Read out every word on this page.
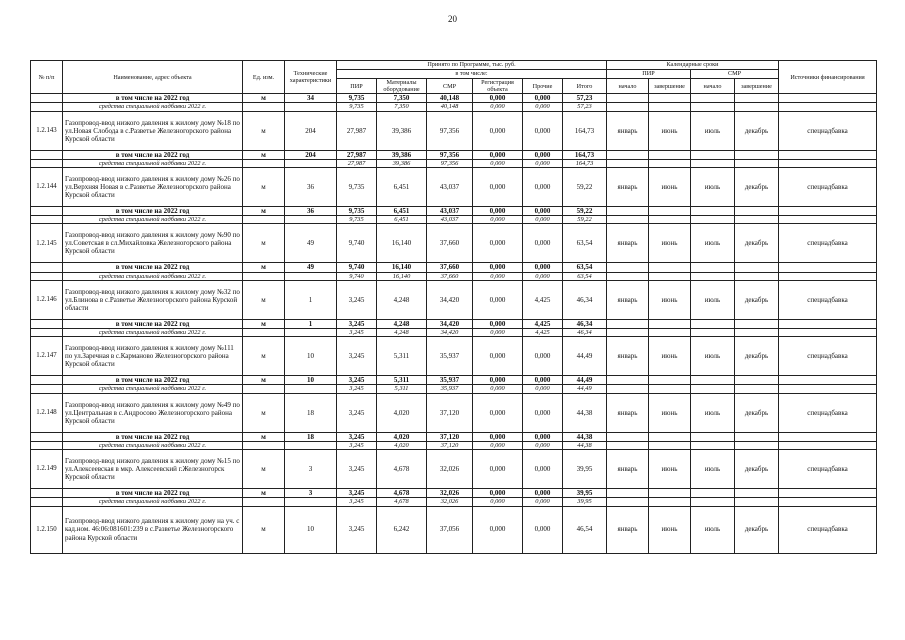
20
№ п/п	Наименование, адрес объекта	Ед. изм.	Технические характеристики	Принято по Программе, тыс. руб.						Календарные сроки				Источники финансирования
				в том числе:						ПИР		СМР		
				ПИР	Материалы оборудование	СМР	Регистрация объекта	Прочие	Итого	начало	завершение	начало	завершение	

	в том числе на 2022 год	м	34	9,735	7,350	40,148	0,000	0,000	57,23					
	средства специальной надбавки 2022 г.			9,735	7,350	40,148	0,000	0,000	57,23					
1.2.143	Газопровод-ввод низкого давления к жилому дому №18 по ул.Новая Слобода в с.Разветье Железногорского района Курской области	м	204	27,987	39,386	97,356	0,000	0,000	164,73	январь	июнь	июль	декабрь	спецнадбавка
	в том числе на 2022 год	м	204	27,987	39,386	97,356	0,000	0,000	164,73					
	средства специальной надбавки 2022 г.			27,987	39,386	97,356	0,000	0,000	164,73					
1.2.144	Газопровод-ввод низкого давления к жилому дому №26 по ул.Верхняя Новая в с.Разветье Железногорского района Курской области	м	36	9,735	6,451	43,037	0,000	0,000	59,22	январь	июнь	июль	декабрь	спецнадбавка
	в том числе на 2022 год	м	36	9,735	6,451	43,037	0,000	0,000	59,22					
	средства специальной надбавки 2022 г.			9,735	6,451	43,037	0,000	0,000	59,22					
1.2.145	Газопровод-ввод низкого давления к жилому дому №90 по ул.Советская в сл.Михайловка Железногорского района Курской области	м	49	9,740	16,140	37,660	0,000	0,000	63,54	январь	июнь	июль	декабрь	спецнадбавка
	в том числе на 2022 год	м	49	9,740	16,140	37,660	0,000	0,000	63,54					
	средства специальной надбавки 2022 г.			9,740	16,140	37,660	0,000	0,000	63,54					
1.2.146	Газопровод-ввод низкого давления к жилому дому №32 по ул.Блинова в с.Разветье Железногорского района Курской области	м	1	3,245	4,248	34,420	0,000	4,425	46,34	январь	июнь	июль	декабрь	спецнадбавка
	в том числе на 2022 год	м	1	3,245	4,248	34,420	0,000	4,425	46,34					
	средства специальной надбавки 2022 г.			3,245	4,248	34,420	0,000	4,425	46,34					
1.2.147	Газопровод-ввод низкого давления к жилому дому №111 по ул.Заречная в с.Карманово Железногорского района Курской области	м	10	3,245	5,311	35,937	0,000	0,000	44,49	январь	июнь	июль	декабрь	спецнадбавка
	в том числе на 2022 год	м	10	3,245	5,311	35,937	0,000	0,000	44,49					
	средства специальной надбавки 2022 г.			3,245	5,311	35,937	0,000	0,000	44,49					
1.2.148	Газопровод-ввод низкого давления к жилому дому №49 по ул.Центральная в с.Андросово Железногорского района Курской области	м	18	3,245	4,020	37,120	0,000	0,000	44,38	январь	июнь	июль	декабрь	спецнадбавка
	в том числе на 2022 год	м	18	3,245	4,020	37,120	0,000	0,000	44,38					
	средства специальной надбавки 2022 г.			3,245	4,020	37,120	0,000	0,000	44,38					
1.2.149	Газопровод-ввод низкого давления к жилому дому №15 по ул.Алексеевская в мкр. Алексеевский г.Железногорск Курской области	м	3	3,245	4,678	32,026	0,000	0,000	39,95	январь	июнь	июль	декабрь	спецнадбавка
	в том числе на 2022 год	м	3	3,245	4,678	32,026	0,000	0,000	39,95					
	средства специальной надбавки 2022 г.			3,245	4,678	32,026	0,000	0,000	39,95					
1.2.150	Газопровод-ввод низкого давления к жилому дому на уч. с кад.ном. 46:06:081601:239 в с.Разветье Железногорского района Курской области	м	10	3,245	6,242	37,056	0,000	0,000	46,54	январь	июнь	июль	декабрь	спецнадбавка
